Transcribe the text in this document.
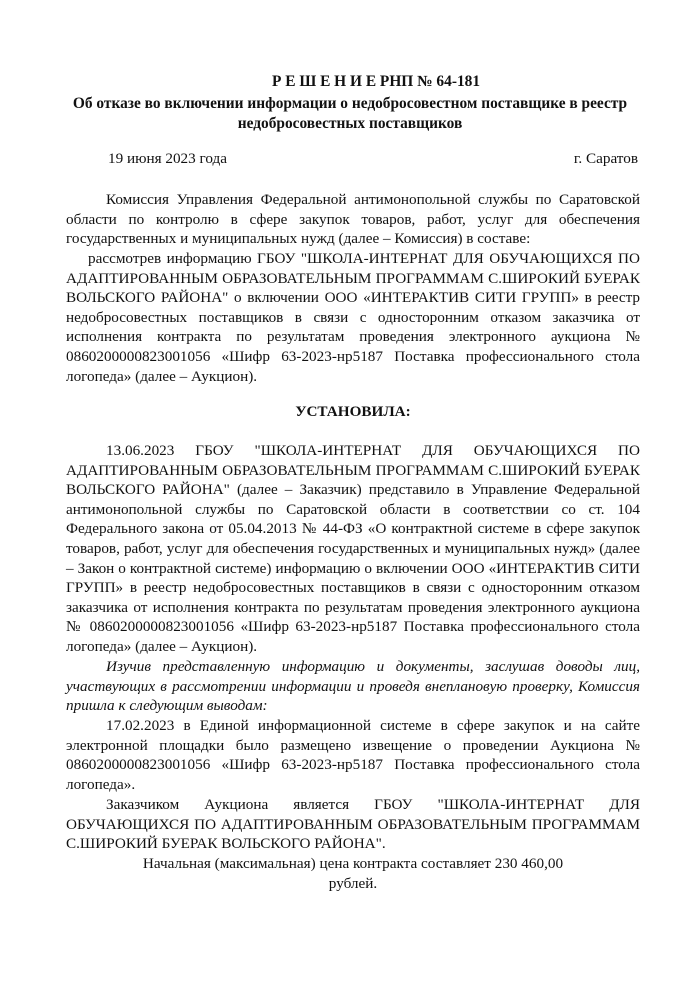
Р Е Ш Е Н И Е РНП № 64-181

Об отказе во включении информации о недобросовестном поставщике в реестр недобросовестных поставщиков

19 июня 2023 года	г. Саратов

Комиссия Управления Федеральной антимонопольной службы по Саратовской области по контролю в сфере закупок товаров, работ, услуг для обеспечения государственных и муниципальных нужд (далее – Комиссия) в составе:

рассмотрев информацию ГБОУ "ШКОЛА-ИНТЕРНАТ ДЛЯ ОБУЧАЮЩИХСЯ ПО АДАПТИРОВАННЫМ ОБРАЗОВАТЕЛЬНЫМ ПРОГРАММАМ С.ШИРОКИЙ БУЕРАК ВОЛЬСКОГО РАЙОНА" о включении ООО «ИНТЕРАКТИВ СИТИ ГРУПП» в реестр недобросовестных поставщиков в связи с односторонним отказом заказчика от исполнения контракта по результатам проведения электронного аукциона № 0860200000823001056 «Шифр 63-2023-нр5187 Поставка профессионального стола логопеда» (далее – Аукцион).

УСТАНОВИЛА:

13.06.2023 ГБОУ "ШКОЛА-ИНТЕРНАТ ДЛЯ ОБУЧАЮЩИХСЯ ПО АДАПТИРОВАННЫМ ОБРАЗОВАТЕЛЬНЫМ ПРОГРАММАМ С.ШИРОКИЙ БУЕРАК ВОЛЬСКОГО РАЙОНА" (далее – Заказчик) представило в Управление Федеральной антимонопольной службы по Саратовской области в соответствии со ст. 104 Федерального закона от 05.04.2013 № 44-ФЗ «О контрактной системе в сфере закупок товаров, работ, услуг для обеспечения государственных и муниципальных нужд» (далее – Закон о контрактной системе) информацию о включении ООО «ИНТЕРАКТИВ СИТИ ГРУПП» в реестр недобросовестных поставщиков в связи с односторонним отказом заказчика от исполнения контракта по результатам проведения электронного аукциона № 0860200000823001056 «Шифр 63-2023-нр5187 Поставка профессионального стола логопеда» (далее – Аукцион).

Изучив представленную информацию и документы, заслушав доводы лиц, участвующих в рассмотрении информации и проведя внеплановую проверку, Комиссия пришла к следующим выводам:

17.02.2023 в Единой информационной системе в сфере закупок и на сайте электронной площадки было размещено извещение о проведении Аукциона № 0860200000823001056 «Шифр 63-2023-нр5187 Поставка профессионального стола логопеда».

Заказчиком Аукциона является ГБОУ "ШКОЛА-ИНТЕРНАТ ДЛЯ ОБУЧАЮЩИХСЯ ПО АДАПТИРОВАННЫМ ОБРАЗОВАТЕЛЬНЫМ ПРОГРАММАМ С.ШИРОКИЙ БУЕРАК ВОЛЬСКОГО РАЙОНА".

Начальная (максимальная) цена контракта составляет 230 460,00

рублей.
